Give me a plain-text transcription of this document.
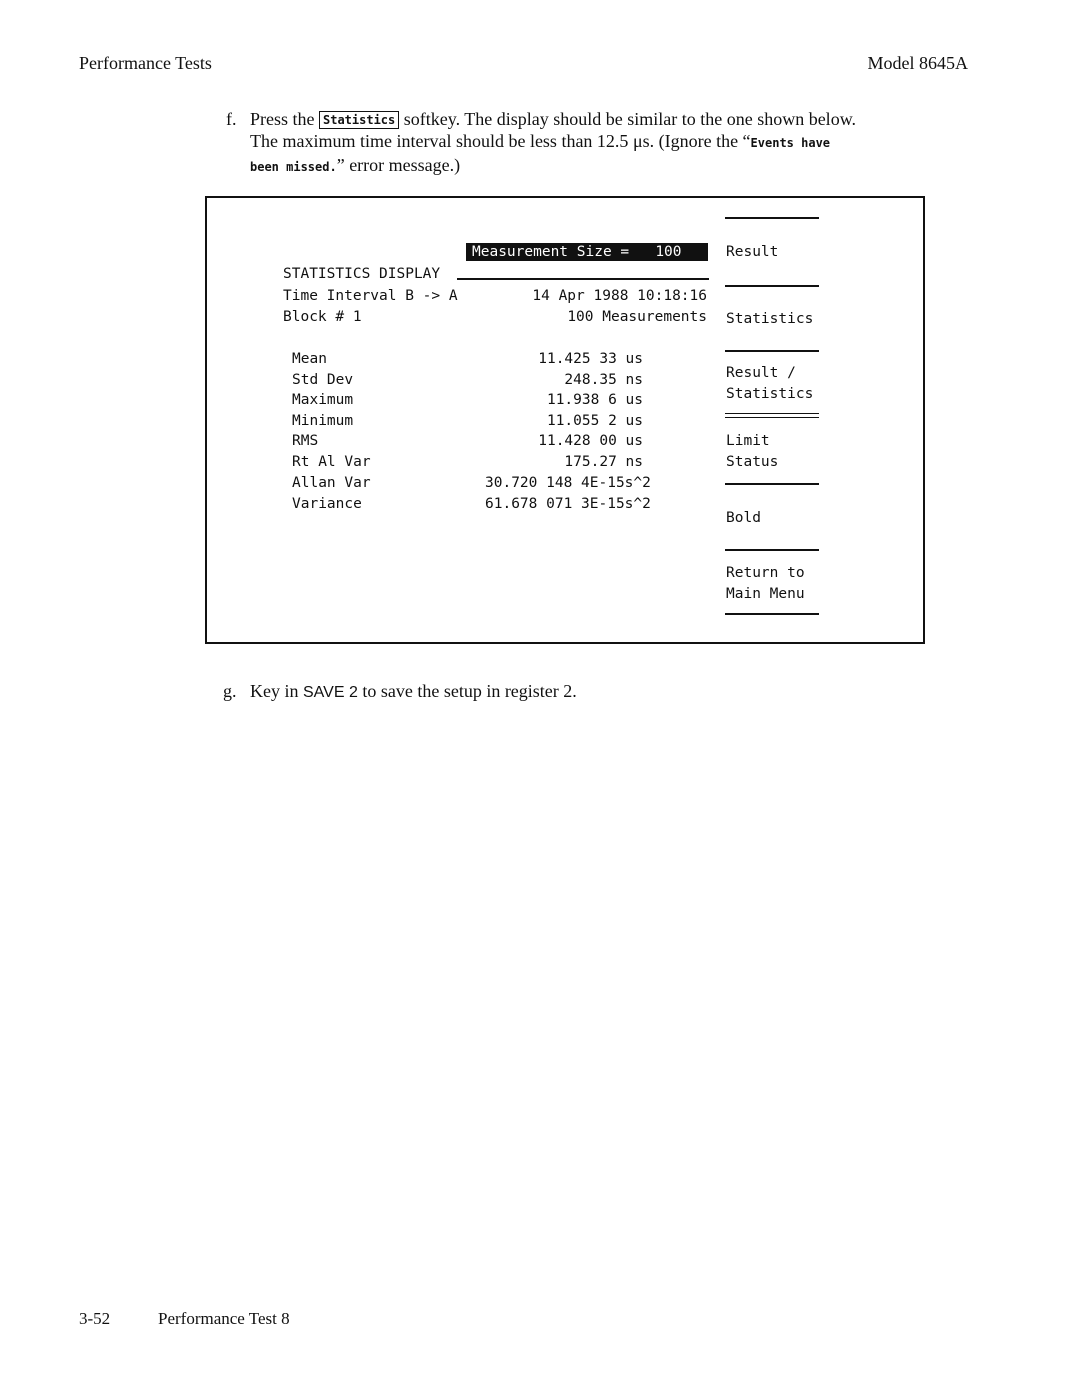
Performance Tests	Model 8645A
f. Press the Statistics softkey. The display should be similar to the one shown below.
The maximum time interval should be less than 12.5 μs. (Ignore the “Events have
been missed.” error message.)
Measurement Size =   100
STATISTICS DISPLAY
Time Interval B -> A	14 Apr 1988 10:18:16
Block # 1	100 Measurements
Mean	11.425 33 us
Std Dev	248.35 ns
Maximum	11.938 6 us
Minimum	11.055 2 us
RMS	11.428 00 us
Rt Al Var	175.27 ns
Allan Var	30.720 148 4E-15s^2
Variance	61.678 071 3E-15s^2
Result
Statistics
Result /
Statistics
Limit
Status
Bold
Return to
Main Menu
g. Key in SAVE 2 to save the setup in register 2.
3-52	Performance Test 8
